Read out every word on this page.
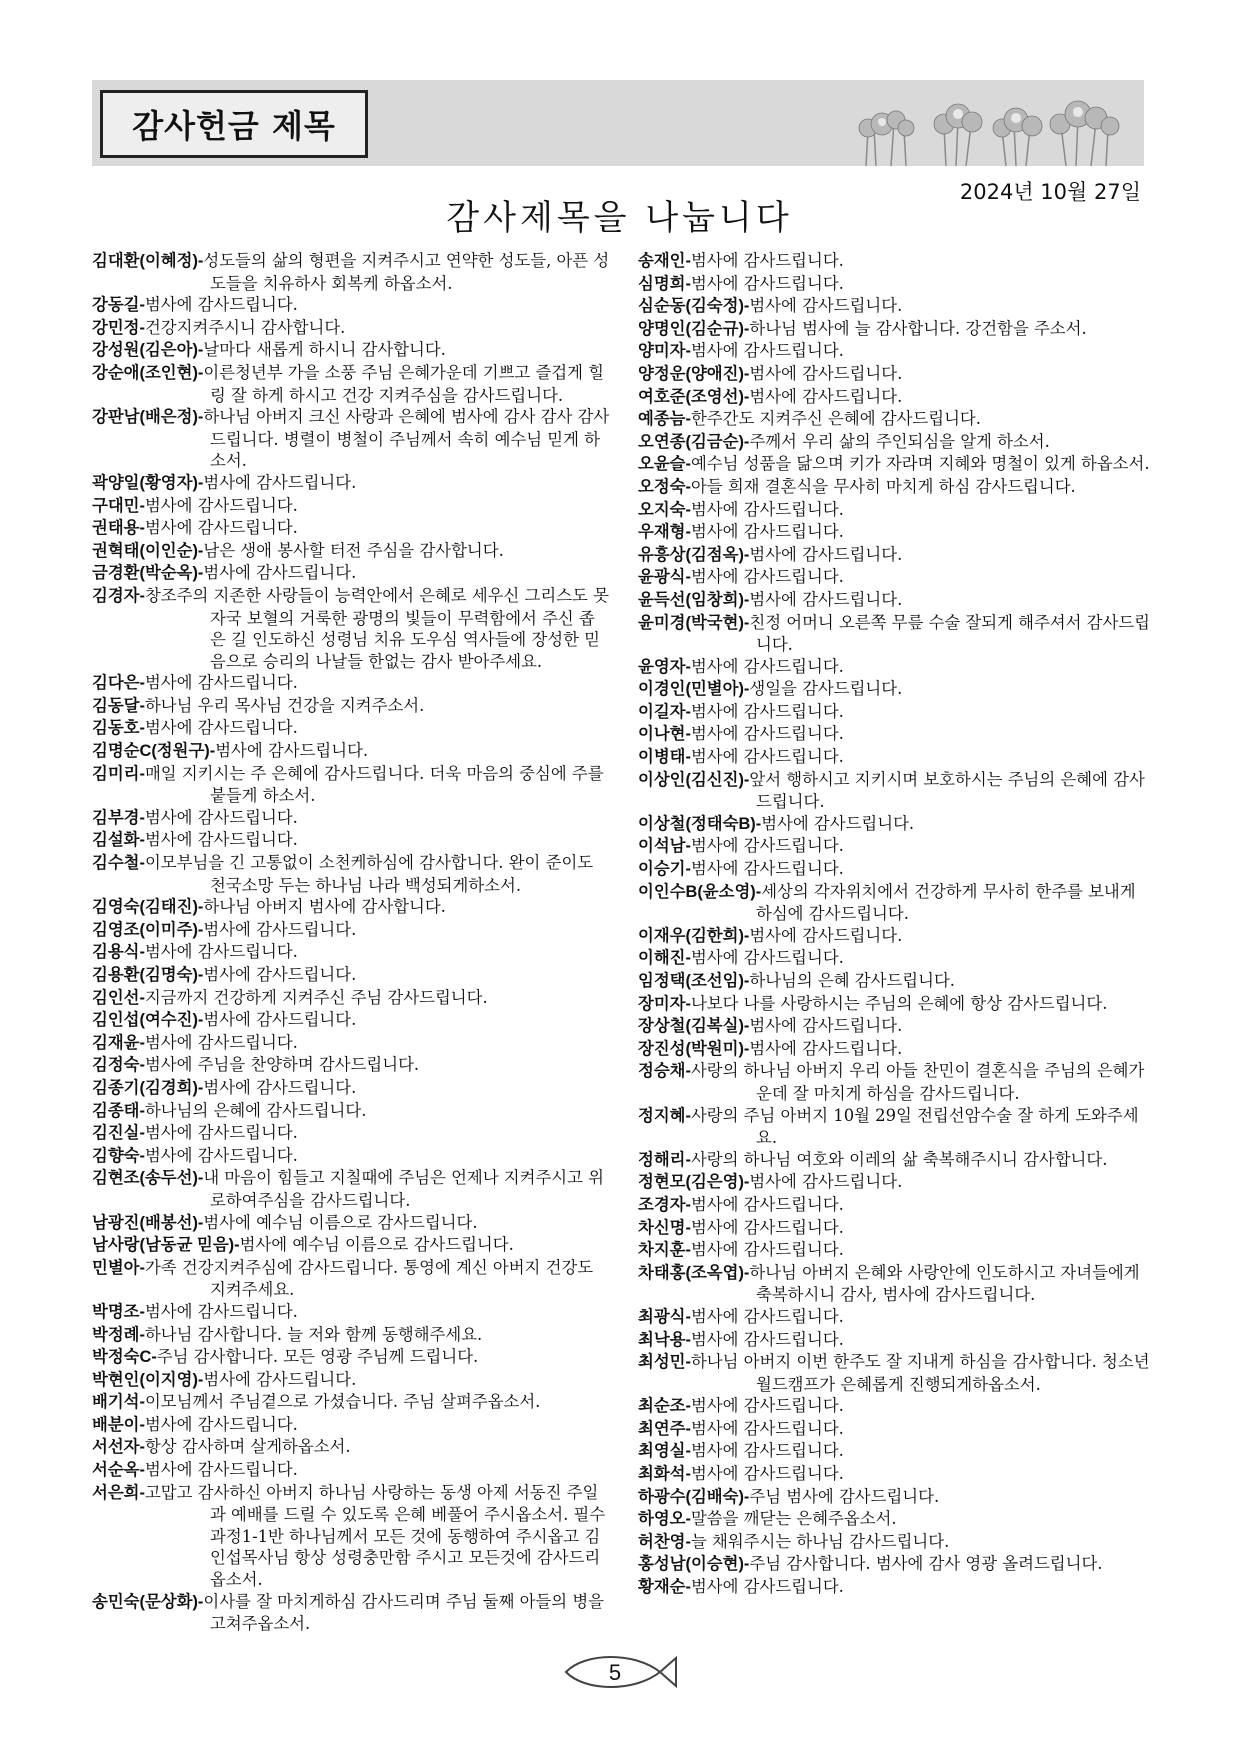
감사헌금 제목
2024년 10월 27일
감사제목을 나눕니다
김대환(이혜정)-성도들의 삶의 형편을 지켜주시고 연약한 성도들, 아픈 성도들을 치유하사 회복케 하옵소서.
강동길-범사에 감사드립니다.
강민정-건강지켜주시니 감사합니다.
강성원(김은아)-날마다 새롭게 하시니 감사합니다.
강순애(조인현)-이른청년부 가을 소풍 주님 은혜가운데 기쁘고 즐겁게 힐링 잘 하게 하시고 건강 지켜주심을 감사드립니다.
강판남(배은정)-하나님 아버지 크신 사랑과 은혜에 범사에 감사 감사 감사드립니다. 병렬이 병철이 주님께서 속히 예수님 믿게 하소서.
곽양일(황영자)-범사에 감사드립니다.
구대민-범사에 감사드립니다.
권태용-범사에 감사드립니다.
권혁태(이인순)-남은 생애 봉사할 터전 주심을 감사합니다.
금경환(박순옥)-범사에 감사드립니다.
김경자-창조주의 지존한 사랑들이 능력안에서 은혜로 세우신 그리스도 못자국 보혈의 거룩한 광명의 빛들이 무력함에서 주신 좁은 길 인도하신 성령님 치유 도우심 역사들에 장성한 믿음으로 승리의 나날들 한없는 감사 받아주세요.
김다은-범사에 감사드립니다.
김동달-하나님 우리 목사님 건강을 지켜주소서.
김동호-범사에 감사드립니다.
김명순C(정원구)-범사에 감사드립니다.
김미리-매일 지키시는 주 은혜에 감사드립니다. 더욱 마음의 중심에 주를 붙들게 하소서.
김부경-범사에 감사드립니다.
김설화-범사에 감사드립니다.
김수철-이모부님을 긴 고통없이 소천케하심에 감사합니다. 완이 준이도 천국소망 두는 하나님 나라 백성되게하소서.
김영숙(김태진)-하나님 아버지 범사에 감사합니다.
김영조(이미주)-범사에 감사드립니다.
김용식-범사에 감사드립니다.
김용환(김명숙)-범사에 감사드립니다.
김인선-지금까지 건강하게 지켜주신 주님 감사드립니다.
김인섭(여수진)-범사에 감사드립니다.
김재윤-범사에 감사드립니다.
김정숙-범사에 주님을 찬양하며 감사드립니다.
김종기(김경희)-범사에 감사드립니다.
김종태-하나님의 은혜에 감사드립니다.
김진실-범사에 감사드립니다.
김향숙-범사에 감사드립니다.
김현조(송두선)-내 마음이 힘들고 지칠때에 주님은 언제나 지켜주시고 위로하여주심을 감사드립니다.
남광진(배봉선)-범사에 예수님 이름으로 감사드립니다.
남사랑(남동균 믿음)-범사에 예수님 이름으로 감사드립니다.
민별아-가족 건강지켜주심에 감사드립니다. 통영에 계신 아버지 건강도 지켜주세요.
박명조-범사에 감사드립니다.
박정례-하나님 감사합니다. 늘 저와 함께 동행해주세요.
박정숙C-주님 감사합니다. 모든 영광 주님께 드립니다.
박현인(이지영)-범사에 감사드립니다.
배기석-이모님께서 주님곁으로 가셨습니다. 주님 살펴주옵소서.
배분이-범사에 감사드립니다.
서선자-항상 감사하며 살게하옵소서.
서순옥-범사에 감사드립니다.
서은희-고맙고 감사하신 아버지 하나님 사랑하는 동생 아제 서동진 주일과 예배를 드릴 수 있도록 은혜 베풀어 주시옵소서. 필수과정1-1반 하나님께서 모든 것에 동행하여 주시옵고 김인섭목사님 항상 성령충만함 주시고 모든것에 감사드리옵소서.
송민숙(문상화)-이사를 잘 마치게하심 감사드리며 주님 둘째 아들의 병을 고쳐주옵소서.
송재인-범사에 감사드립니다.
심명희-범사에 감사드립니다.
심순동(김숙정)-범사에 감사드립니다.
양명인(김순규)-하나님 범사에 늘 감사합니다. 강건함을 주소서.
양미자-범사에 감사드립니다.
양정운(양애진)-범사에 감사드립니다.
여호준(조영선)-범사에 감사드립니다.
예종늠-한주간도 지켜주신 은혜에 감사드립니다.
오연종(김금순)-주께서 우리 삶의 주인되심을 알게 하소서.
오윤슬-예수님 성품을 닮으며 키가 자라며 지혜와 명철이 있게 하옵소서.
오정숙-아들 희재 결혼식을 무사히 마치게 하심 감사드립니다.
오지숙-범사에 감사드립니다.
우재형-범사에 감사드립니다.
유흥상(김점옥)-범사에 감사드립니다.
윤광식-범사에 감사드립니다.
윤득선(임창희)-범사에 감사드립니다.
윤미경(박국현)-친정 어머니 오른쪽 무릎 수술 잘되게 해주셔서 감사드립니다.
윤영자-범사에 감사드립니다.
이경인(민별아)-생일을 감사드립니다.
이길자-범사에 감사드립니다.
이나현-범사에 감사드립니다.
이병태-범사에 감사드립니다.
이상인(김신진)-앞서 행하시고 지키시며 보호하시는 주님의 은혜에 감사드립니다.
이상철(정태숙B)-범사에 감사드립니다.
이석남-범사에 감사드립니다.
이승기-범사에 감사드립니다.
이인수B(윤소영)-세상의 각자위치에서 건강하게 무사히 한주를 보내게 하심에 감사드립니다.
이재우(김한희)-범사에 감사드립니다.
이해진-범사에 감사드립니다.
임정택(조선임)-하나님의 은혜 감사드립니다.
장미자-나보다 나를 사랑하시는 주님의 은혜에 항상 감사드립니다.
장상철(김복실)-범사에 감사드립니다.
장진성(박원미)-범사에 감사드립니다.
정승채-사랑의 하나님 아버지 우리 아들 찬민이 결혼식을 주님의 은혜가운데 잘 마치게 하심을 감사드립니다.
정지혜-사랑의 주님 아버지 10월 29일 전립선암수술 잘 하게 도와주세요.
정해리-사랑의 하나님 여호와 이레의 삶 축복해주시니 감사합니다.
정현모(김은영)-범사에 감사드립니다.
조경자-범사에 감사드립니다.
차신명-범사에 감사드립니다.
차지훈-범사에 감사드립니다.
차태홍(조옥엽)-하나님 아버지 은혜와 사랑안에 인도하시고 자녀들에게 축복하시니 감사, 범사에 감사드립니다.
최광식-범사에 감사드립니다.
최낙용-범사에 감사드립니다.
최성민-하나님 아버지 이번 한주도 잘 지내게 하심을 감사합니다. 청소년월드캠프가 은혜롭게 진행되게하옵소서.
최순조-범사에 감사드립니다.
최연주-범사에 감사드립니다.
최영실-범사에 감사드립니다.
최화석-범사에 감사드립니다.
하광수(김배숙)-주님 범사에 감사드립니다.
하영오-말씀을 깨닫는 은혜주옵소서.
허찬영-늘 채워주시는 하나님 감사드립니다.
홍성남(이승현)-주님 감사합니다. 범사에 감사 영광 올려드립니다.
황재순-범사에 감사드립니다.
5
